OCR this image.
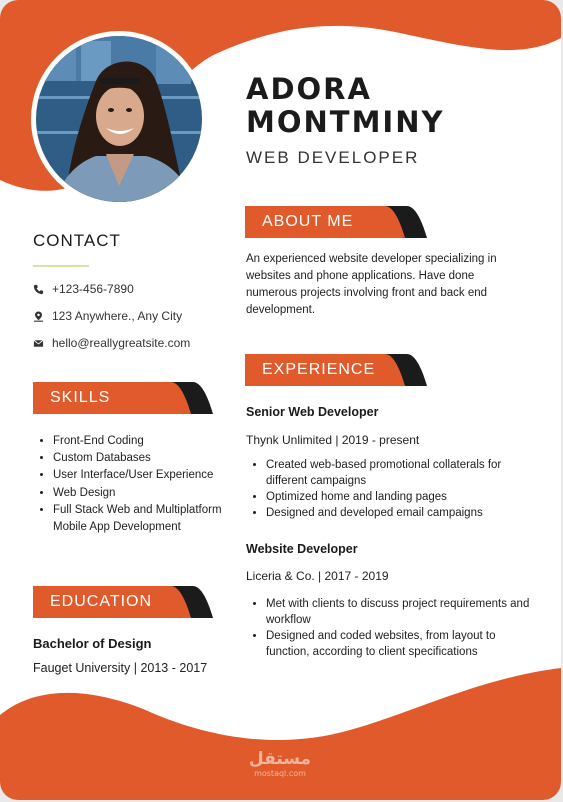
ADORA
MONTMINY
WEB DEVELOPER
CONTACT
+123-456-7890
123 Anywhere., Any City
hello@reallygreatsite.com
SKILLS
• Front-End Coding
• Custom Databases
• User Interface/User Experience
• Web Design
• Full Stack Web and Multiplatform Mobile App Development
EDUCATION
Bachelor of Design
Fauget University | 2013 - 2017
ABOUT ME
An experienced website developer specializing in websites and phone applications. Have done numerous projects involving front and back end development.
EXPERIENCE
Senior Web Developer
Thynk Unlimited | 2019 - present
• Created web-based promotional collaterals for different campaigns
• Optimized home and landing pages
• Designed and developed email campaigns
Website Developer
Liceria & Co. | 2017 - 2019
• Met with clients to discuss project requirements and workflow
• Designed and coded websites, from layout to function, according to client specifications
مستقل
mostaql.com
